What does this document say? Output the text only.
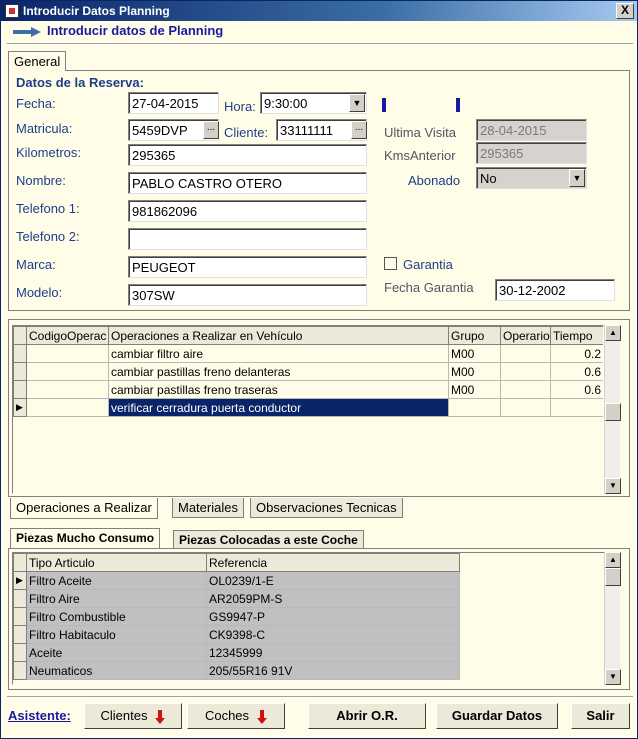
Introducir Datos Planning	X
Introducir datos de Planning
General
Datos de la Reserva:
Fecha:	27-04-2015	Hora: 9:30:00	▼
Matricula:	5459DVP	... Cliente: 33111111	... Ultima Visita	28-04-2015
Kilometros:	295365	KmsAnterior	295365
Nombre:	PABLO CASTRO OTERO	Abonado	No	▼
Telefono 1:	981862096
Telefono 2:
Marca:	PEUGEOT	Garantia
Modelo:	307SW
Fecha Garantia	30-12-2002
	CodigoOperac	Operaciones a Realizar en Vehículo	Grupo	Operario	Tiempo
		cambiar filtro aire	M00		0.2
		cambiar pastillas freno delanteras	M00		0.6
		cambiar pastillas freno traseras	M00		0.6
▶		verificar cerradura puerta conductor			
▲
▼
Operaciones a Realizar	Materiales	Observaciones Tecnicas
Piezas Mucho Consumo	Piezas Colocadas a este Coche
	Tipo Articulo	Referencia
▶	Filtro Aceite	OL0239/1-E
	Filtro Aire	AR2059PM-S
	Filtro Combustible	GS9947-P
	Filtro Habitaculo	CK9398-C
	Aceite	12345999
	Neumaticos	205/55R16 91V
▲
▼
Asistente:	Clientes	Coches	Abrir O.R.	Guardar Datos	Salir
